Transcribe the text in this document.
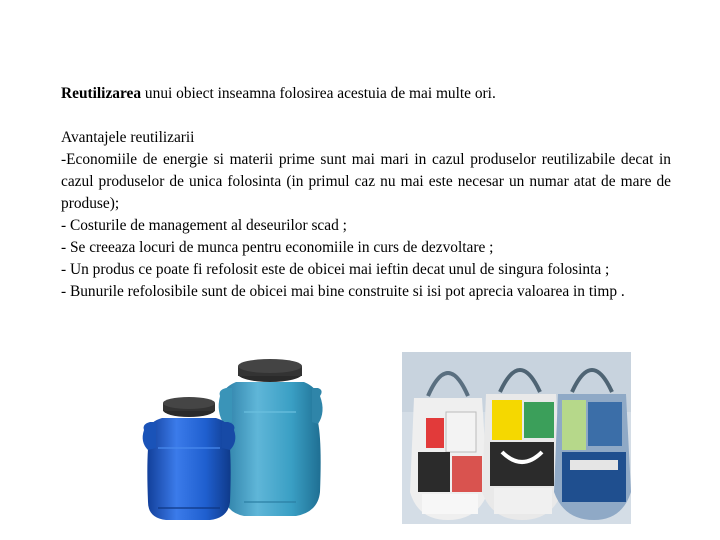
Reutilizarea unui obiect inseamna folosirea acestuia de mai multe ori.

Avantajele reutilizarii

-Economiile de energie si materii prime sunt mai mari in cazul produselor reutilizabile decat in cazul produselor de unica folosinta (in primul caz nu mai este necesar un numar atat de mare de produse);

- Costurile de management al deseurilor scad ;

- Se creeaza locuri de munca pentru economiile in curs de dezvoltare ;

- Un produs ce poate fi refolosit este de obicei mai ieftin decat unul de singura folosinta ;

- Bunurile refolosibile sunt de obicei mai bine construite si isi pot aprecia valoarea in timp .
